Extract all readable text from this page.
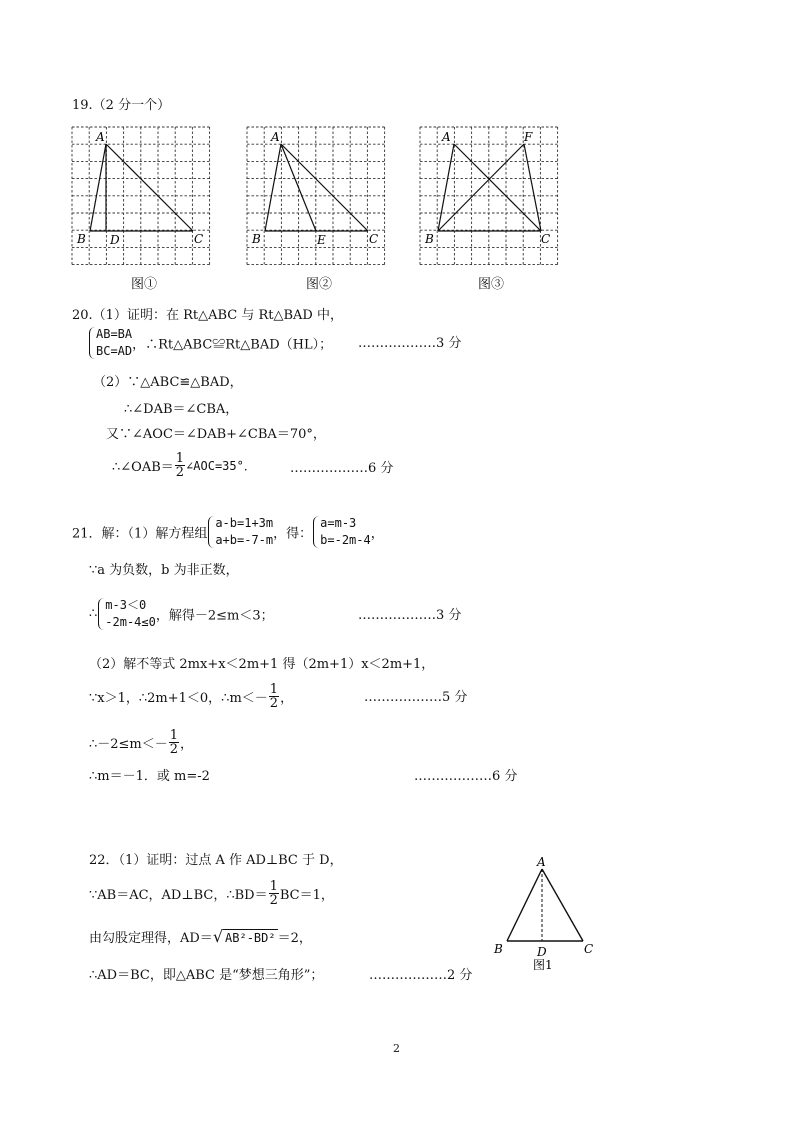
19.（2 分一个）
A
B D	C
图①
A
B	E	C
图②
A	F
B	C
图③
20.（1）证明：在 Rt△ABC 与 Rt△BAD 中，
AB=BA
BC=AD ，∴Rt△ABC≌Rt△BAD（HL）； ………………3 分
（2）∵△ABC≌△BAD，
∴∠DAB＝∠CBA，
又∵∠AOC＝∠DAB+∠CBA＝70°，
∴∠OAB＝ $\frac{1}{2}$ ∠AOC=35°．	………………6 分
21．解：（1）解方程组
a-b=1+3m
a+b=-7-m ，得：
a=m-3
b=-2m-4 ，
∵a 为负数，b 为非正数，
∴
m-3＜0
-2m-4≤0 ，解得－2≤m＜3；	………………3 分
（2）解不等式 2mx+x＜2m+1 得（2m+1）x＜2m+1，
∵x＞1，∴2m+1＜0，∴m＜－ $\frac{1}{2}$ ，	………………5 分
∴－2≤m＜－ $\frac{1}{2}$ ，
∴m＝－1．或 m=-2	………………6 分
22．（1）证明：过点 A 作 AD⊥BC 于 D，
∵AB＝AC，AD⊥BC，∴BD＝ $\frac{1}{2} BC=1$，
由勾股定理得，AD＝√ AB²-BD² ＝2，
∴AD＝BC，即△ABC 是“梦想三角形”；	………………2 分
A
B	D	C
图1
2
